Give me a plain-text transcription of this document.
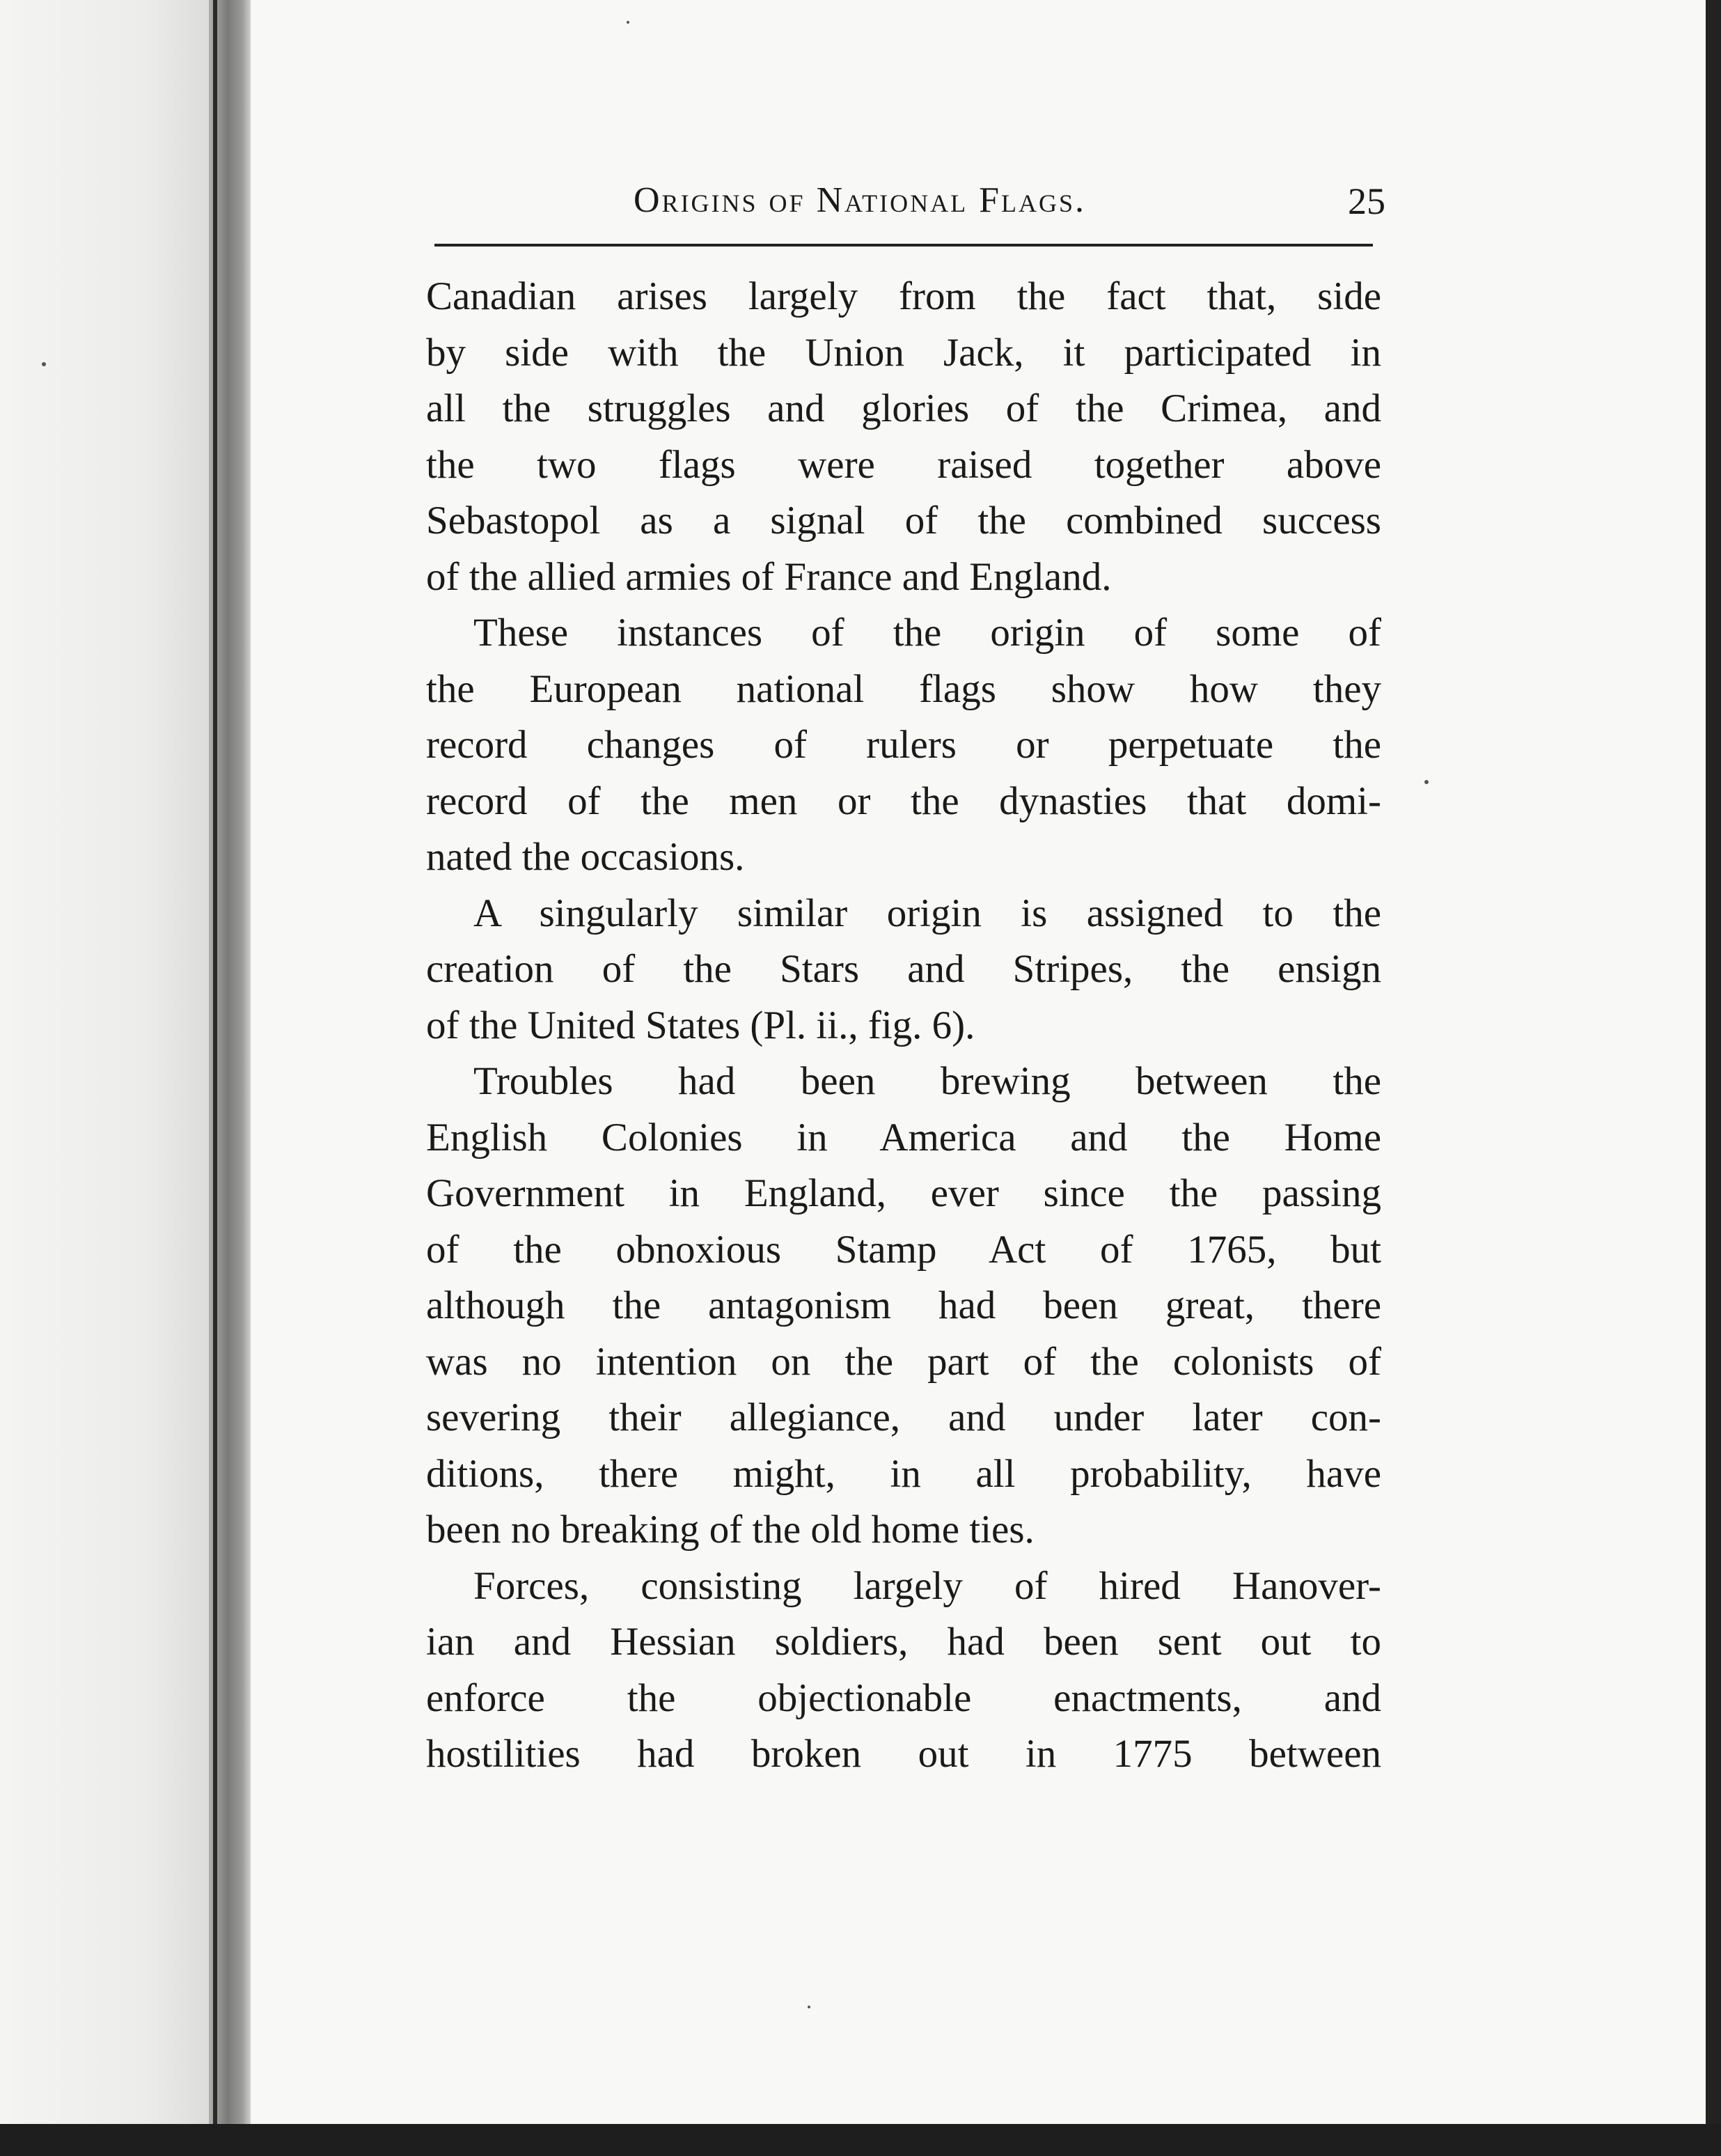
Origins of National Flags.	25
Canadian arises largely from the fact that, side
by side with the Union Jack, it participated in
all the struggles and glories of the Crimea, and
the two flags were raised together above
Sebastopol as a signal of the combined success
of the allied armies of France and England.
These instances of the origin of some of
the European national flags show how they
record changes of rulers or perpetuate the
record of the men or the dynasties that domi-
nated the occasions.
A singularly similar origin is assigned to the
creation of the Stars and Stripes, the ensign
of the United States (Pl. ii., fig. 6).
Troubles had been brewing between the
English Colonies in America and the Home
Government in England, ever since the passing
of the obnoxious Stamp Act of 1765, but
although the antagonism had been great, there
was no intention on the part of the colonists of
severing their allegiance, and under later con-
ditions, there might, in all probability, have
been no breaking of the old home ties.
Forces, consisting largely of hired Hanover-
ian and Hessian soldiers, had been sent out to
enforce the objectionable enactments, and
hostilities had broken out in 1775 between
